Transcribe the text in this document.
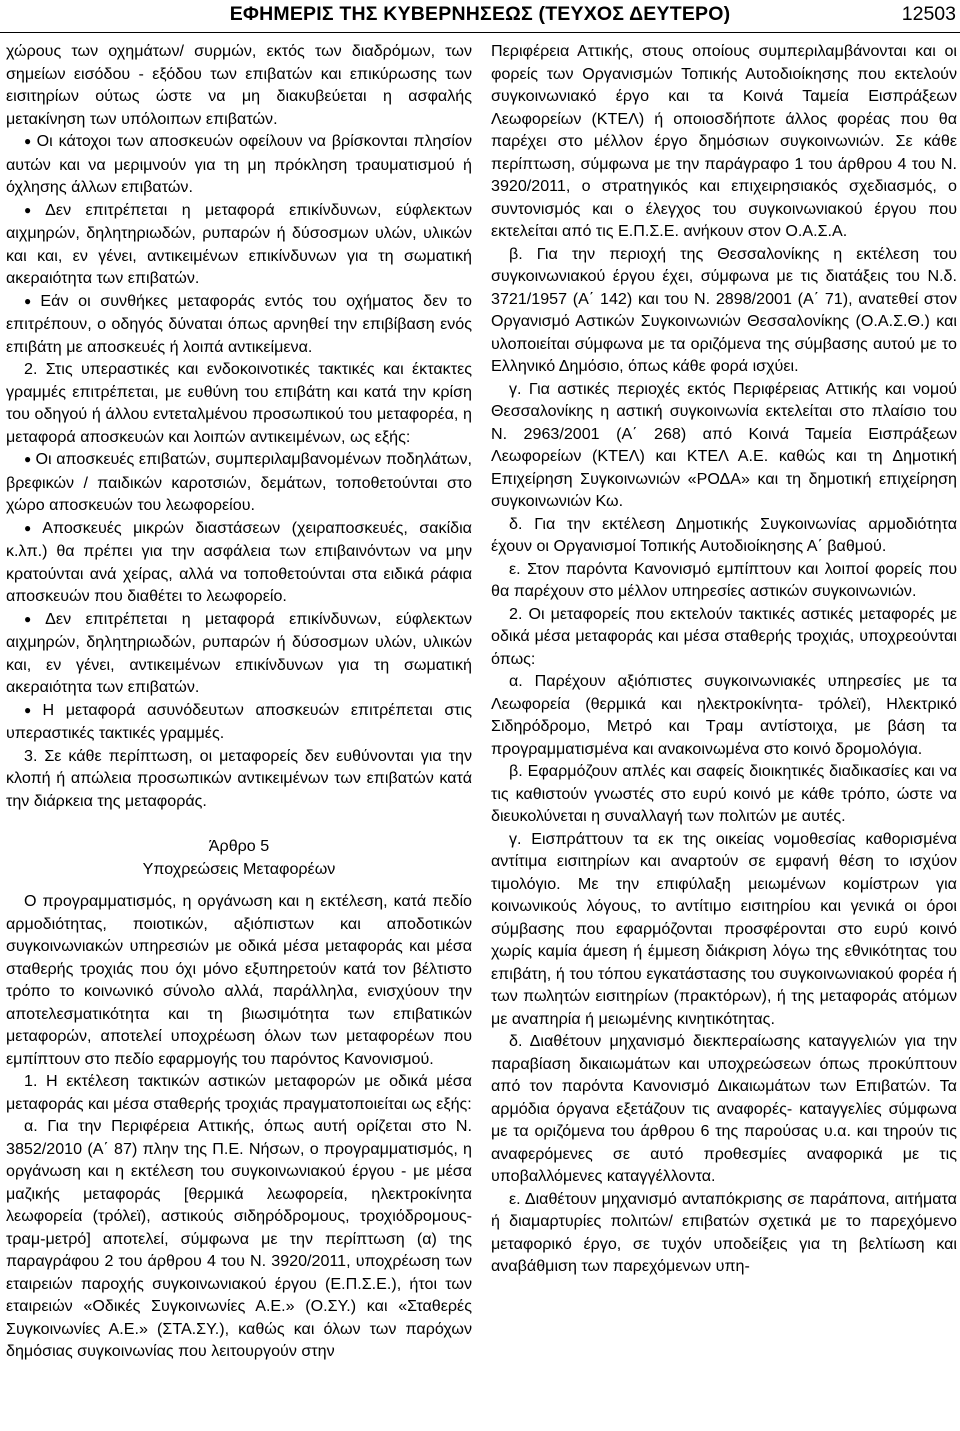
ΕΦΗΜΕΡΙΣ ΤΗΣ ΚΥΒΕΡΝΗΣΕΩΣ (ΤΕΥΧΟΣ ΔΕΥΤΕΡΟ)	12503

χώρους των οχημάτων/ συρμών, εκτός των διαδρόμων, των σημείων εισόδου - εξόδου των επιβατών και επικύρωσης των εισιτηρίων ούτως ώστε να μη διακυβεύεται η ασφαλής μετακίνηση των υπόλοιπων επιβατών.

● Οι κάτοχοι των αποσκευών οφείλουν να βρίσκονται πλησίον αυτών και να μεριμνούν για τη μη πρόκληση τραυματισμού ή όχλησης άλλων επιβατών.

● Δεν επιτρέπεται η μεταφορά επικίνδυνων, εύφλεκτων αιχμηρών, δηλητηριωδών, ρυπαρών ή δύσοσμων υλών, υλικών και και, εν γένει, αντικειμένων επικίνδυνων για τη σωματική ακεραιότητα των επιβατών.

● Εάν οι συνθήκες μεταφοράς εντός του οχήματος δεν το επιτρέπουν, ο οδηγός δύναται όπως αρνηθεί την επιβίβαση ενός επιβάτη με αποσκευές ή λοιπά αντικείμενα.

2. Στις υπεραστικές και ενδοκοινοτικές τακτικές και έκτακτες γραμμές επιτρέπεται, με ευθύνη του επιβάτη και κατά την κρίση του οδηγού ή άλλου εντεταλμένου προσωπικού του μεταφορέα, η μεταφορά αποσκευών και λοιπών αντικειμένων, ως εξής:

● Οι αποσκευές επιβατών, συμπεριλαμβανομένων ποδηλάτων, βρεφικών / παιδικών καροτσιών, δεμάτων, τοποθετούνται στο χώρο αποσκευών του λεωφορείου.

● Αποσκευές μικρών διαστάσεων (χειραποσκευές, σακίδια κ.λπ.) θα πρέπει για την ασφάλεια των επιβαινόντων να μην κρατούνται ανά χείρας, αλλά να τοποθετούνται στα ειδικά ράφια αποσκευών που διαθέτει το λεωφορείο.

● Δεν επιτρέπεται η μεταφορά επικίνδυνων, εύφλεκτων αιχμηρών, δηλητηριωδών, ρυπαρών ή δύσοσμων υλών, υλικών και, εν γένει, αντικειμένων επικίνδυνων για τη σωματική ακεραιότητα των επιβατών.

● Η μεταφορά ασυνόδευτων αποσκευών επιτρέπεται στις υπεραστικές τακτικές γραμμές.

3. Σε κάθε περίπτωση, οι μεταφορείς δεν ευθύνονται για την κλοπή ή απώλεια προσωπικών αντικειμένων των επιβατών κατά την διάρκεια της μεταφοράς.

Άρθρο 5

Υποχρεώσεις Μεταφορέων

Ο προγραμματισμός, η οργάνωση και η εκτέλεση, κατά πεδίο αρμοδιότητας, ποιοτικών, αξιόπιστων και αποδοτικών συγκοινωνιακών υπηρεσιών με οδικά μέσα μεταφοράς και μέσα σταθερής τροχιάς που όχι μόνο εξυπηρετούν κατά τον βέλτιστο τρόπο το κοινωνικό σύνολο αλλά, παράλληλα, ενισχύουν την αποτελεσματικότητα και τη βιωσιμότητα των επιβατικών μεταφορών, αποτελεί υποχρέωση όλων των μεταφορέων που εμπίπτουν στο πεδίο εφαρμογής του παρόντος Κανονισμού.

1. Η εκτέλεση τακτικών αστικών μεταφορών με οδικά μέσα μεταφοράς και μέσα σταθερής τροχιάς πραγματοποιείται ως εξής:

α. Για την Περιφέρεια Αττικής, όπως αυτή ορίζεται στο Ν. 3852/2010 (Α΄ 87) πλην της Π.Ε. Νήσων, ο προγραμματισμός, η οργάνωση και η εκτέλεση του συγκοινωνιακού έργου - με μέσα μαζικής μεταφοράς [θερμικά λεωφορεία, ηλεκτροκίνητα λεωφορεία (τρόλεϊ), αστικούς σιδηρόδρομους, τροχιόδρομους-τραμ-μετρό] αποτελεί, σύμφωνα με την περίπτωση (α) της παραγράφου 2 του άρθρου 4 του Ν. 3920/2011, υποχρέωση των εταιρειών παροχής συγκοινωνιακού έργου (Ε.Π.Σ.Ε.), ήτοι των εταιρειών «Οδικές Συγκοινωνίες Α.Ε.» (Ο.ΣΥ.) και «Σταθερές Συγκοινωνίες Α.Ε.» (ΣΤΑ.ΣΥ.), καθώς και όλων των παρόχων δημόσιας συγκοινωνίας που λειτουργούν στην

Περιφέρεια Αττικής, στους οποίους συμπεριλαμβάνονται και οι φορείς των Οργανισμών Τοπικής Αυτοδιοίκησης που εκτελούν συγκοινωνιακό έργο και τα Κοινά Ταμεία Εισπράξεων Λεωφορείων (ΚΤΕΛ) ή οποιοσδήποτε άλλος φορέας που θα παρέχει στο μέλλον έργο δημόσιων συγκοινωνιών. Σε κάθε περίπτωση, σύμφωνα με την παράγραφο 1 του άρθρου 4 του Ν. 3920/2011, ο στρατηγικός και επιχειρησιακός σχεδιασμός, ο συντονισμός και ο έλεγχος του συγκοινωνιακού έργου που εκτελείται από τις Ε.Π.Σ.Ε. ανήκουν στον Ο.Α.Σ.Α.

β. Για την περιοχή της Θεσσαλονίκης η εκτέλεση του συγκοινωνιακού έργου έχει, σύμφωνα με τις διατάξεις του Ν.δ. 3721/1957 (Α΄ 142) και του Ν. 2898/2001 (Α΄ 71), ανατεθεί στον Οργανισμό Αστικών Συγκοινωνιών Θεσσαλονίκης (Ο.Α.Σ.Θ.) και υλοποιείται σύμφωνα με τα οριζόμενα της σύμβασης αυτού με το Ελληνικό Δημόσιο, όπως κάθε φορά ισχύει.

γ. Για αστικές περιοχές εκτός Περιφέρειας Αττικής και νομού Θεσσαλονίκης η αστική συγκοινωνία εκτελείται στο πλαίσιο του Ν. 2963/2001 (Α΄ 268) από Κοινά Ταμεία Εισπράξεων Λεωφορείων (ΚΤΕΛ) και ΚΤΕΛ Α.Ε. καθώς και τη Δημοτική Επιχείρηση Συγκοινωνιών «ΡΟΔΑ» και τη δημοτική επιχείρηση συγκοινωνιών Κω.

δ. Για την εκτέλεση Δημοτικής Συγκοινωνίας αρμοδιότητα έχουν οι Οργανισμοί Τοπικής Αυτοδιοίκησης Α΄ βαθμού.

ε. Στον παρόντα Κανονισμό εμπίπτουν και λοιποί φορείς που θα παρέχουν στο μέλλον υπηρεσίες αστικών συγκοινωνιών.

2. Οι μεταφορείς που εκτελούν τακτικές αστικές μεταφορές με οδικά μέσα μεταφοράς και μέσα σταθερής τροχιάς, υποχρεούνται όπως:

α. Παρέχουν αξιόπιστες συγκοινωνιακές υπηρεσίες με τα Λεωφορεία (θερμικά και ηλεκτροκίνητα- τρόλεϊ), Ηλεκτρικό Σιδηρόδρομο, Μετρό και Τραμ αντίστοιχα, με βάση τα προγραμματισμένα και ανακοινωμένα στο κοινό δρομολόγια.

β. Εφαρμόζουν απλές και σαφείς διοικητικές διαδικασίες και να τις καθιστούν γνωστές στο ευρύ κοινό με κάθε τρόπο, ώστε να διευκολύνεται η συναλλαγή των πολιτών με αυτές.

γ. Εισπράττουν τα εκ της οικείας νομοθεσίας καθορισμένα αντίτιμα εισιτηρίων και αναρτούν σε εμφανή θέση το ισχύον τιμολόγιο. Με την επιφύλαξη μειωμένων κομίστρων για κοινωνικούς λόγους, το αντίτιμο εισιτηρίου και γενικά οι όροι σύμβασης που εφαρμόζονται προσφέρονται στο ευρύ κοινό χωρίς καμία άμεση ή έμμεση διάκριση λόγω της εθνικότητας του επιβάτη, ή του τόπου εγκατάστασης του συγκοινωνιακού φορέα ή των πωλητών εισιτηρίων (πρακτόρων), ή της μεταφοράς ατόμων με αναπηρία ή μειωμένης κινητικότητας.

δ. Διαθέτουν μηχανισμό διεκπεραίωσης καταγγελιών για την παραβίαση δικαιωμάτων και υποχρεώσεων όπως προκύπτουν από τον παρόντα Κανονισμό Δικαιωμάτων των Επιβατών. Τα αρμόδια όργανα εξετάζουν τις αναφορές- καταγγελίες σύμφωνα με τα οριζόμενα του άρθρου 6 της παρούσας υ.α. και τηρούν τις αναφερόμενες σε αυτό προθεσμίες αναφορικά με τις υποβαλλόμενες καταγγέλλοντα.

ε. Διαθέτουν μηχανισμό ανταπόκρισης σε παράπονα, αιτήματα ή διαμαρτυρίες πολιτών/ επιβατών σχετικά με το παρεχόμενο μεταφορικό έργο, σε τυχόν υποδείξεις για τη βελτίωση και αναβάθμιση των παρεχόμενων υπη-
